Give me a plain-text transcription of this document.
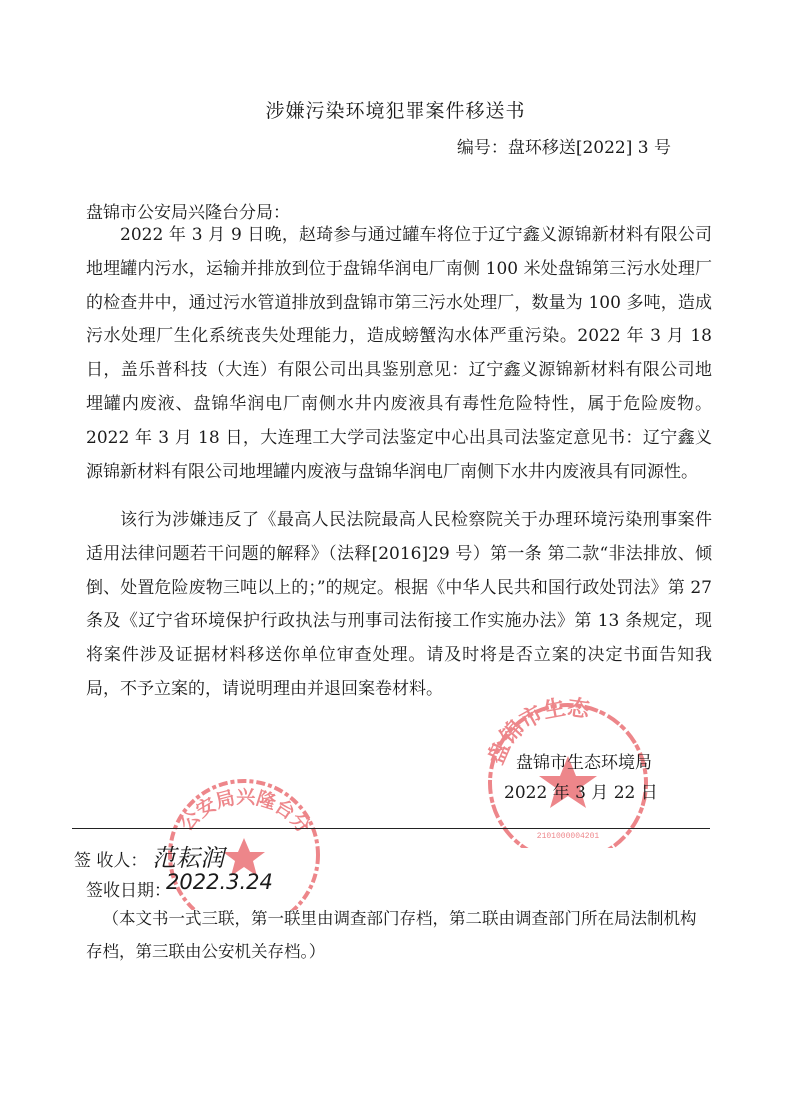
涉嫌污染环境犯罪案件移送书
编号：盘环移送[2022] 3 号
盘锦市公安局兴隆台分局：

2022 年 3 月 9 日晚，赵琦参与通过罐车将位于辽宁鑫义源锦新材料有限公司地埋罐内污水，运输并排放到位于盘锦华润电厂南侧 100 米处盘锦第三污水处理厂的检查井中，通过污水管道排放到盘锦市第三污水处理厂，数量为 100 多吨，造成污水处理厂生化系统丧失处理能力，造成螃蟹沟水体严重污染。2022 年 3 月 18 日，盖乐普科技（大连）有限公司出具鉴别意见：辽宁鑫义源锦新材料有限公司地埋罐内废液、盘锦华润电厂南侧水井内废液具有毒性危险特性，属于危险废物。2022 年 3 月 18 日，大连理工大学司法鉴定中心出具司法鉴定意见书：辽宁鑫义源锦新材料有限公司地埋罐内废液与盘锦华润电厂南侧下水井内废液具有同源性。

该行为涉嫌违反了《最高人民法院最高人民检察院关于办理环境污染刑事案件适用法律问题若干问题的解释》（法释[2016]29 号）第一条 第二款“非法排放、倾倒、处置危险废物三吨以上的；”的规定。根据《中华人民共和国行政处罚法》第 27 条及《辽宁省环境保护行政执法与刑事司法衔接工作实施办法》第 13 条规定，现将案件涉及证据材料移送你单位审查处理。请及时将是否立案的决定书面告知我局，不予立案的，请说明理由并退回案卷材料。

盘锦市生态
2101000004201
盘锦市生态环境局
2022 年 3 月 22 日
公安局兴隆台分
签 收人： 范耘润
签收日期：
2022.3.24

（本文书一式三联，第一联里由调查部门存档，第二联由调查部门所在局法制机构存档，第三联由公安机关存档。）
